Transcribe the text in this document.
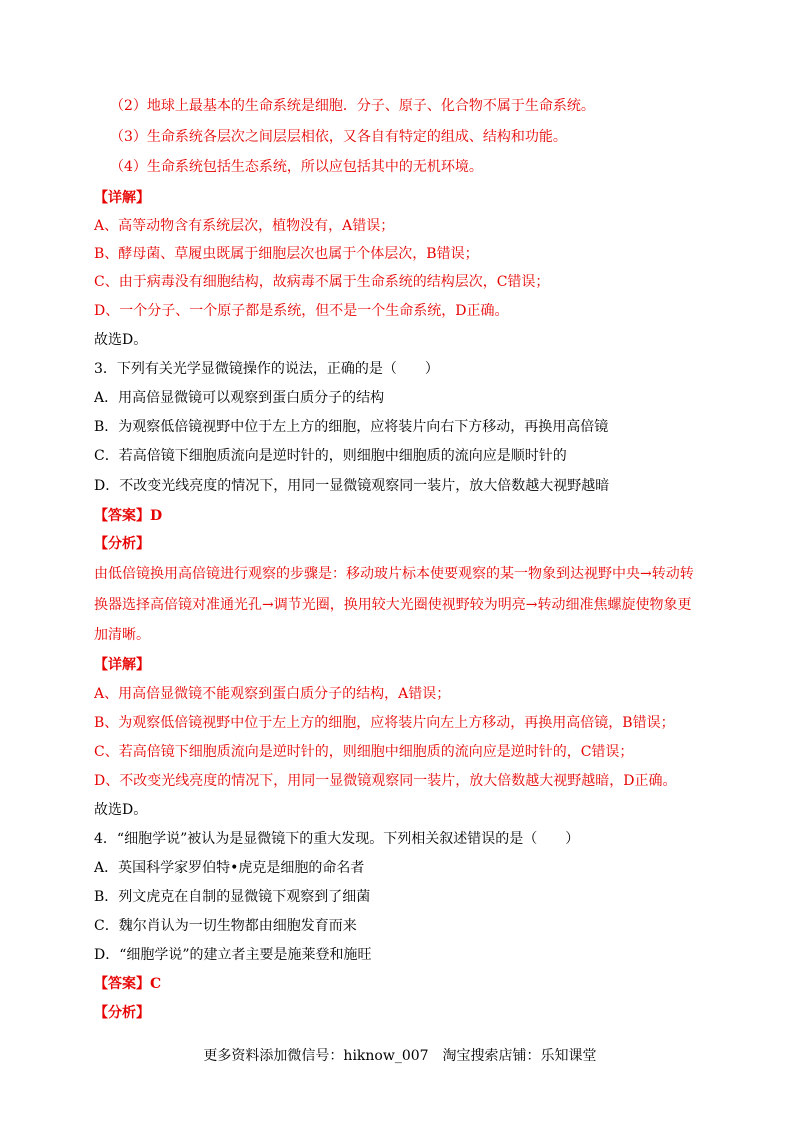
（2）地球上最基本的生命系统是细胞．分子、原子、化合物不属于生命系统。
（3）生命系统各层次之间层层相依，又各自有特定的组成、结构和功能。
（4）生命系统包括生态系统，所以应包括其中的无机环境。
【详解】
A、高等动物含有系统层次，植物没有，A错误；
B、酵母菌、草履虫既属于细胞层次也属于个体层次，B错误；
C、由于病毒没有细胞结构，故病毒不属于生命系统的结构层次，C错误；
D、一个分子、一个原子都是系统，但不是一个生命系统，D正确。
故选D。
3．下列有关光学显微镜操作的说法，正确的是（　　）
A．用高倍显微镜可以观察到蛋白质分子的结构
B．为观察低倍镜视野中位于左上方的细胞，应将装片向右下方移动，再换用高倍镜
C．若高倍镜下细胞质流向是逆时针的，则细胞中细胞质的流向应是顺时针的
D．不改变光线亮度的情况下，用同一显微镜观察同一装片，放大倍数越大视野越暗
【答案】D
【分析】
由低倍镜换用高倍镜进行观察的步骤是：移动玻片标本使要观察的某一物象到达视野中央→转动转
换器选择高倍镜对准通光孔→调节光圈，换用较大光圈使视野较为明亮→转动细准焦螺旋使物象更
加清晰。
【详解】
A、用高倍显微镜不能观察到蛋白质分子的结构，A错误；
B、为观察低倍镜视野中位于左上方的细胞，应将装片向左上方移动，再换用高倍镜，B错误；
C、若高倍镜下细胞质流向是逆时针的，则细胞中细胞质的流向应是逆时针的，C错误；
D、不改变光线亮度的情况下，用同一显微镜观察同一装片，放大倍数越大视野越暗，D正确。
故选D。
4．“细胞学说”被认为是显微镜下的重大发现。下列相关叙述错误的是（　　）
A．英国科学家罗伯特•虎克是细胞的命名者
B．列文虎克在自制的显微镜下观察到了细菌
C．魏尔肖认为一切生物都由细胞发育而来
D．“细胞学说”的建立者主要是施莱登和施旺
【答案】C
【分析】
更多资料添加微信号：hiknow_007　淘宝搜索店铺：乐知课堂
